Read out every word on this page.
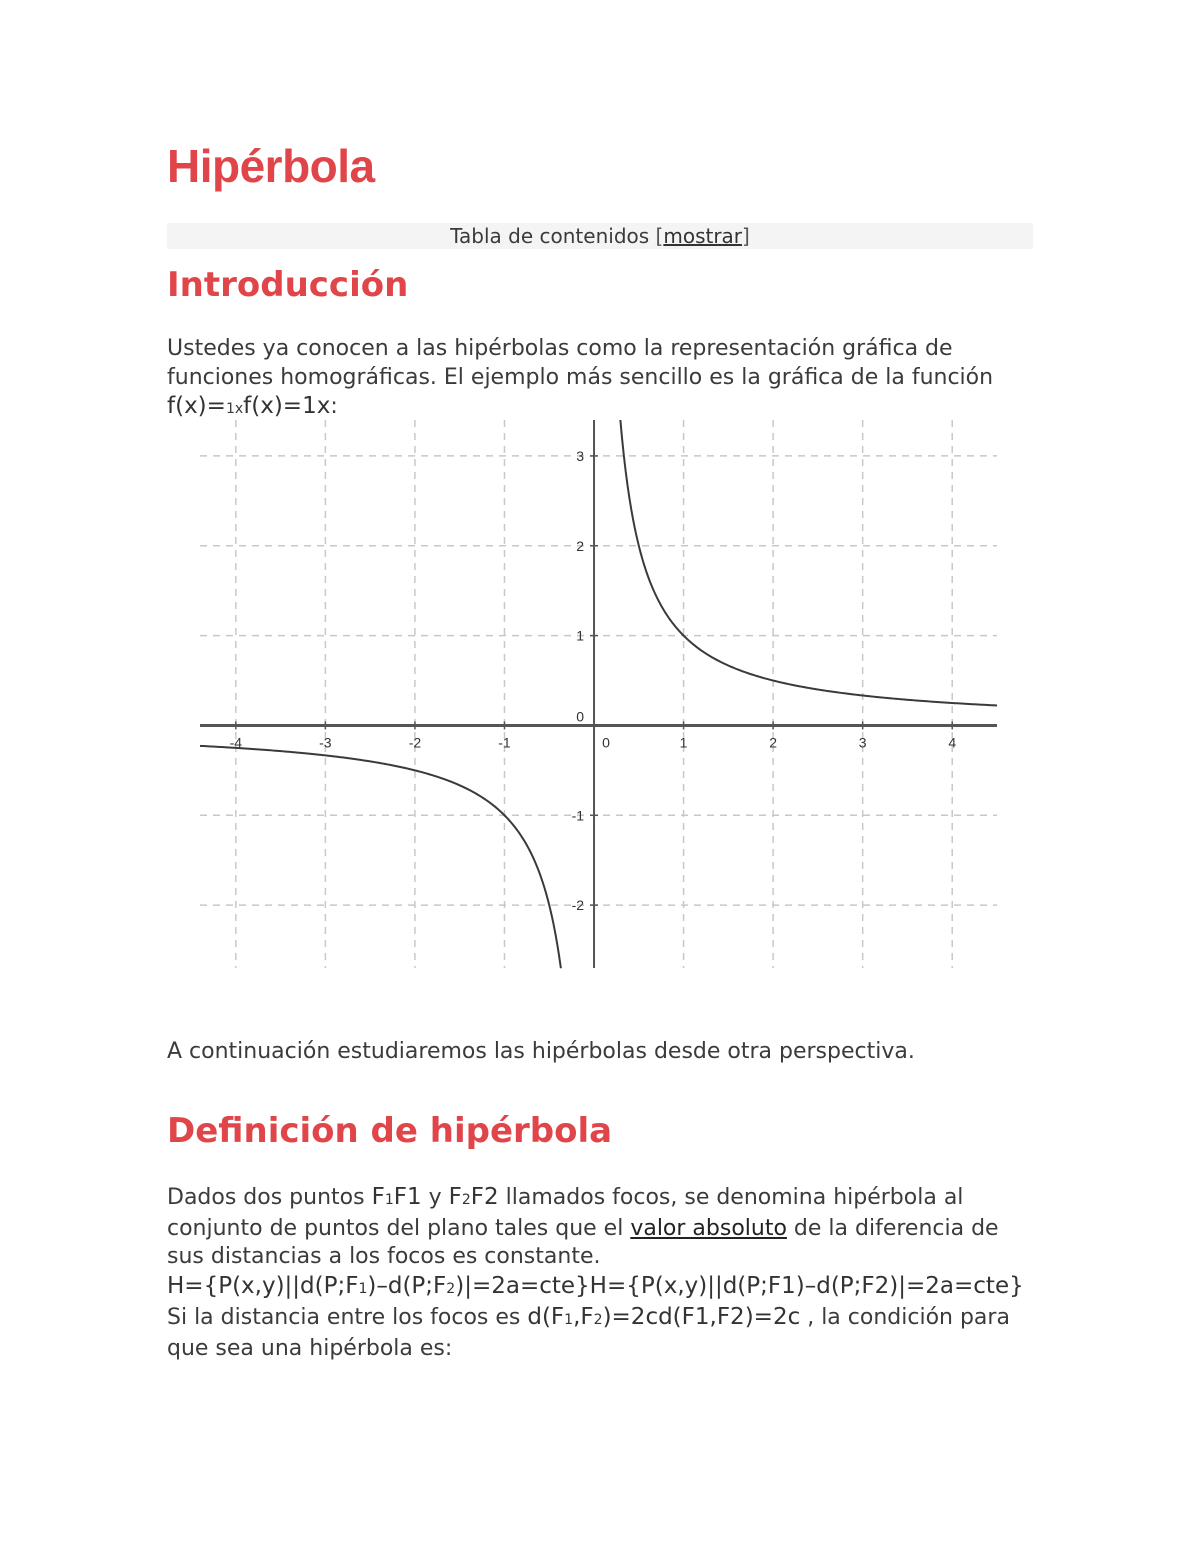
Hipérbola
Tabla de contenidos [mostrar]
Introducción

Ustedes ya conocen a las hipérbolas como la representación gráfica de funciones homográficas. El ejemplo más sencillo es la gráfica de la función f(x)=1xf(x)=1x:

-4	-3	-2	-1	0	1	2	3	4
-2
-1
0
1
2
3

A continuación estudiaremos las hipérbolas desde otra perspectiva.

Definición de hipérbola

Dados dos puntos F1F1 y F2F2 llamados focos, se denomina hipérbola al conjunto de puntos del plano tales que el valor absoluto de la diferencia de sus distancias a los focos es constante.
H={P(x,y)||d(P;F1)–d(P;F2)|=2a=cte}H={P(x,y)||d(P;F1)–d(P;F2)|=2a=cte}
Si la distancia entre los focos es d(F1,F2)=2cd(F1,F2)=2c , la condición para que sea una hipérbola es:
